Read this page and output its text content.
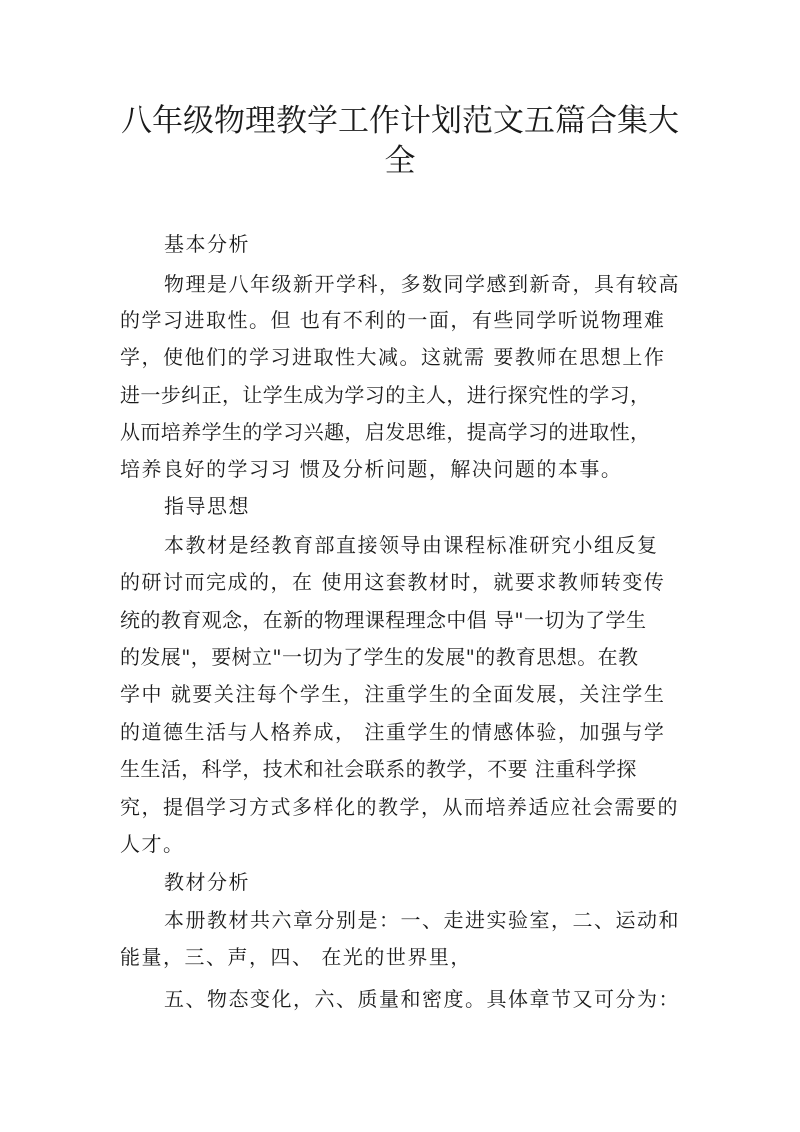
八年级物理教学工作计划范文五篇合集大
全

基本分析

物理是八年级新开学科，多数同学感到新奇，具有较高

的学习进取性。但 也有不利的一面，有些同学听说物理难

学，使他们的学习进取性大减。这就需 要教师在思想上作

进一步纠正，让学生成为学习的主人，进行探究性的学习，

从而培养学生的学习兴趣，启发思维，提高学习的进取性，

培养良好的学习习 惯及分析问题，解决问题的本事。

指导思想

本教材是经教育部直接领导由课程标准研究小组反复

的研讨而完成的，在 使用这套教材时，就要求教师转变传

统的教育观念，在新的物理课程理念中倡 导"一切为了学生

的发展"，要树立"一切为了学生的发展"的教育思想。在教

学中 就要关注每个学生，注重学生的全面发展，关注学生

的道德生活与人格养成， 注重学生的情感体验，加强与学

生生活，科学，技术和社会联系的教学，不要 注重科学探

究，提倡学习方式多样化的教学，从而培养适应社会需要的

人才。

教材分析

本册教材共六章分别是：一、走进实验室，二、运动和

能量，三、声，四、 在光的世界里，

五、物态变化，六、质量和密度。具体章节又可分为：
